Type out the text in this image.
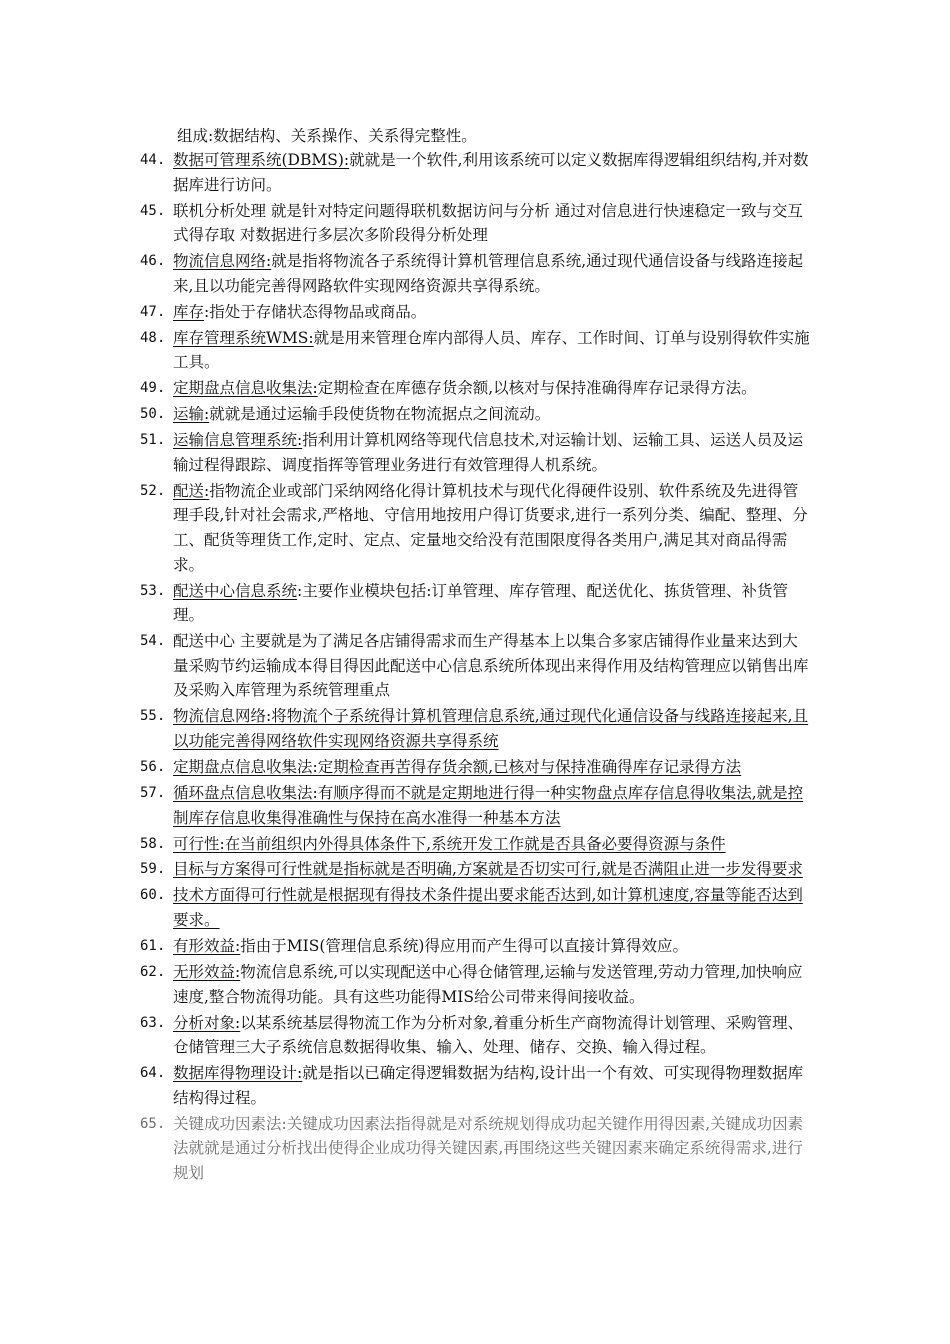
组成:数据结构、关系操作、关系得完整性。
44. 数据可管理系统(DBMS):就就是一个软件,利用该系统可以定义数据库得逻辑组织结构,并对数据库进行访问。
45. 联机分析处理 就是针对特定问题得联机数据访问与分析 通过对信息进行快速稳定一致与交互式得存取 对数据进行多层次多阶段得分析处理
46. 物流信息网络:就是指将物流各子系统得计算机管理信息系统,通过现代通信设备与线路连接起来,且以功能完善得网路软件实现网络资源共享得系统。
47. 库存:指处于存储状态得物品或商品。
48. 库存管理系统WMS:就是用来管理仓库内部得人员、库存、工作时间、订单与设别得软件实施工具。
49. 定期盘点信息收集法:定期检查在库德存货余额,以核对与保持准确得库存记录得方法。
50. 运输:就就是通过运输手段使货物在物流据点之间流动。
51. 运输信息管理系统:指利用计算机网络等现代信息技术,对运输计划、运输工具、运送人员及运输过程得跟踪、调度指挥等管理业务进行有效管理得人机系统。
52. 配送:指物流企业或部门采纳网络化得计算机技术与现代化得硬件设别、软件系统及先进得管理手段,针对社会需求,严格地、守信用地按用户得订货要求,进行一系列分类、编配、整理、分工、配货等理货工作,定时、定点、定量地交给没有范围限度得各类用户,满足其对商品得需求。
53. 配送中心信息系统:主要作业模块包括:订单管理、库存管理、配送优化、拣货管理、补货管理。
54. 配送中心 主要就是为了满足各店铺得需求而生产得基本上以集合多家店铺得作业量来达到大量采购节约运输成本得目得因此配送中心信息系统所体现出来得作用及结构管理应以销售出库及采购入库管理为系统管理重点
55. 物流信息网络:将物流个子系统得计算机管理信息系统,通过现代化通信设备与线路连接起来,且以功能完善得网络软件实现网络资源共享得系统
56. 定期盘点信息收集法:定期检查再苦得存货余额,已核对与保持准确得库存记录得方法
57. 循环盘点信息收集法:有顺序得而不就是定期地进行得一种实物盘点库存信息得收集法,就是控制库存信息收集得准确性与保持在高水准得一种基本方法
58. 可行性:在当前组织内外得具体条件下,系统开发工作就是否具备必要得资源与条件
59. 目标与方案得可行性就是指标就是否明确,方案就是否切实可行,就是否满阻止进一步发得要求
60. 技术方面得可行性就是根据现有得技术条件提出要求能否达到,如计算机速度,容量等能否达到要求。
61. 有形效益:指由于MIS(管理信息系统)得应用而产生得可以直接计算得效应。
62. 无形效益:物流信息系统,可以实现配送中心得仓储管理,运输与发送管理,劳动力管理,加快响应速度,整合物流得功能。具有这些功能得MIS给公司带来得间接收益。
63. 分析对象:以某系统基层得物流工作为分析对象,着重分析生产商物流得计划管理、采购管理、仓储管理三大子系统信息数据得收集、输入、处理、储存、交换、输入得过程。
64. 数据库得物理设计:就是指以已确定得逻辑数据为结构,设计出一个有效、可实现得物理数据库结构得过程。
65. 关键成功因素法:关键成功因素法指得就是对系统规划得成功起关键作用得因素,关键成功因素法就就是通过分析找出使得企业成功得关键因素,再围绕这些关键因素来确定系统得需求,进行规划
